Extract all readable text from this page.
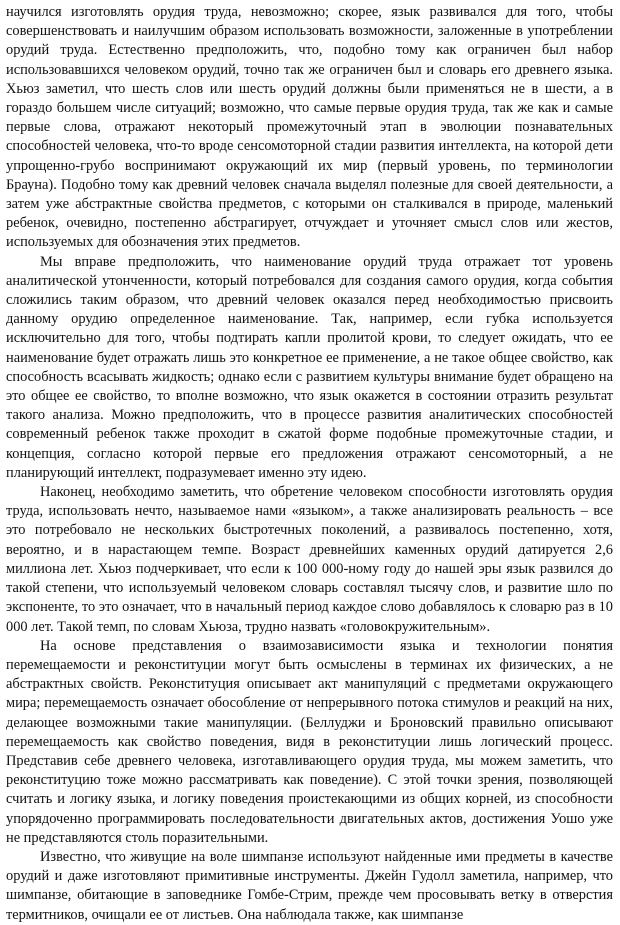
научился изготовлять орудия труда, невозможно; скорее, язык развивался для того, чтобы совершенствовать и наилучшим образом использовать возможности, заложенные в употреблении орудий труда. Естественно предположить, что, подобно тому как ограничен был набор использовавшихся человеком орудий, точно так же ограничен был и словарь его древнего языка. Хьюз заметил, что шесть слов или шесть орудий должны были применяться не в шести, а в гораздо большем числе ситуаций; возможно, что самые первые орудия труда, так же как и самые первые слова, отражают некоторый промежуточный этап в эволюции познавательных способностей человека, что-то вроде сенсомоторной стадии развития интеллекта, на которой дети упрощенно-грубо воспринимают окружающий их мир (первый уровень, по терминологии Брауна). Подобно тому как древний человек сначала выделял полезные для своей деятельности, а затем уже абстрактные свойства предметов, с которыми он сталкивался в природе, маленький ребенок, очевидно, постепенно абстрагирует, отчуждает и уточняет смысл слов или жестов, используемых для обозначения этих предметов.

Мы вправе предположить, что наименование орудий труда отражает тот уровень аналитической утонченности, который потребовался для создания самого орудия, когда события сложились таким образом, что древний человек оказался перед необходимостью присвоить данному орудию определенное наименование. Так, например, если губка используется исключительно для того, чтобы подтирать капли пролитой крови, то следует ожидать, что ее наименование будет отражать лишь это конкретное ее применение, а не такое общее свойство, как способность всасывать жидкость; однако если с развитием культуры внимание будет обращено на это общее ее свойство, то вполне возможно, что язык окажется в состоянии отразить результат такого анализа. Можно предположить, что в процессе развития аналитических способностей современный ребенок также проходит в сжатой форме подобные промежуточные стадии, и концепция, согласно которой первые его предложения отражают сенсомоторный, а не планирующий интеллект, подразумевает именно эту идею.

Наконец, необходимо заметить, что обретение человеком способности изготовлять орудия труда, использовать нечто, называемое нами «языком», а также анализировать реальность – все это потребовало не нескольких быстротечных поколений, а развивалось постепенно, хотя, вероятно, и в нарастающем темпе. Возраст древнейших каменных орудий датируется 2,6 миллиона лет. Хьюз подчеркивает, что если к 100 000-ному году до нашей эры язык развился до такой степени, что используемый человеком словарь составлял тысячу слов, и развитие шло по экспоненте, то это означает, что в начальный период каждое слово добавлялось к словарю раз в 10 000 лет. Такой темп, по словам Хьюза, трудно назвать «головокружительным».

На основе представления о взаимозависимости языка и технологии понятия перемещаемости и реконституции могут быть осмыслены в терминах их физических, а не абстрактных свойств. Реконституция описывает акт манипуляций с предметами окружающего мира; перемещаемость означает обособление от непрерывного потока стимулов и реакций на них, делающее возможными такие манипуляции. (Беллуджи и Броновский правильно описывают перемещаемость как свойство поведения, видя в реконституции лишь логический процесс. Представив себе древнего человека, изготавливающего орудия труда, мы можем заметить, что реконституцию тоже можно рассматривать как поведение). С этой точки зрения, позволяющей считать и логику языка, и логику поведения проистекающими из общих корней, из способности упорядоченно программировать последовательности двигательных актов, достижения Уошо уже не представляются столь поразительными.

Известно, что живущие на воле шимпанзе используют найденные ими предметы в качестве орудий и даже изготовляют примитивные инструменты. Джейн Гудолл заметила, например, что шимпанзе, обитающие в заповеднике Гомбе-Стрим, прежде чем просовывать ветку в отверстия термитников, очищали ее от листьев. Она наблюдала также, как шимпанзе
